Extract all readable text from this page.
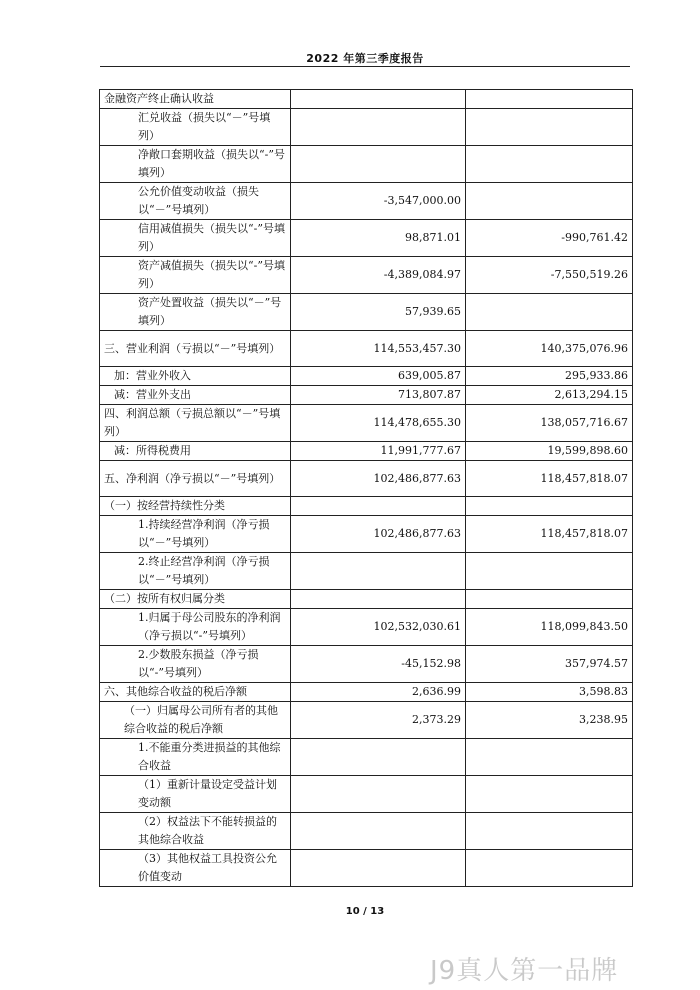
2022 年第三季度报告
金融资产终止确认收益		
汇兑收益（损失以“－”号填列）		
净敞口套期收益（损失以“-”号填列）		
公允价值变动收益（损失以“－”号填列）	-3,547,000.00	
信用减值损失（损失以“-”号填列）	98,871.01	-990,761.42
资产减值损失（损失以“-”号填列）	-4,389,084.97	-7,550,519.26
资产处置收益（损失以“－”号填列）	57,939.65	
三、营业利润（亏损以“－”号填列）	114,553,457.30	140,375,076.96
加：营业外收入	639,005.87	295,933.86
减：营业外支出	713,807.87	2,613,294.15
四、利润总额（亏损总额以“－”号填列）	114,478,655.30	138,057,716.67
减：所得税费用	11,991,777.67	19,599,898.60
五、净利润（净亏损以“－”号填列）	102,486,877.63	118,457,818.07
（一）按经营持续性分类		
1.持续经营净利润（净亏损以“－”号填列）	102,486,877.63	118,457,818.07
2.终止经营净利润（净亏损以“－”号填列）		
（二）按所有权归属分类		
1.归属于母公司股东的净利润（净亏损以“-”号填列）	102,532,030.61	118,099,843.50
2.少数股东损益（净亏损以“-”号填列）	-45,152.98	357,974.57
六、其他综合收益的税后净额	2,636.99	3,598.83
（一）归属母公司所有者的其他综合收益的税后净额	2,373.29	3,238.95
1.不能重分类进损益的其他综合收益		
（1）重新计量设定受益计划变动额		
（2）权益法下不能转损益的其他综合收益		
（3）其他权益工具投资公允价值变动		
10 / 13
J9真人第一品牌
